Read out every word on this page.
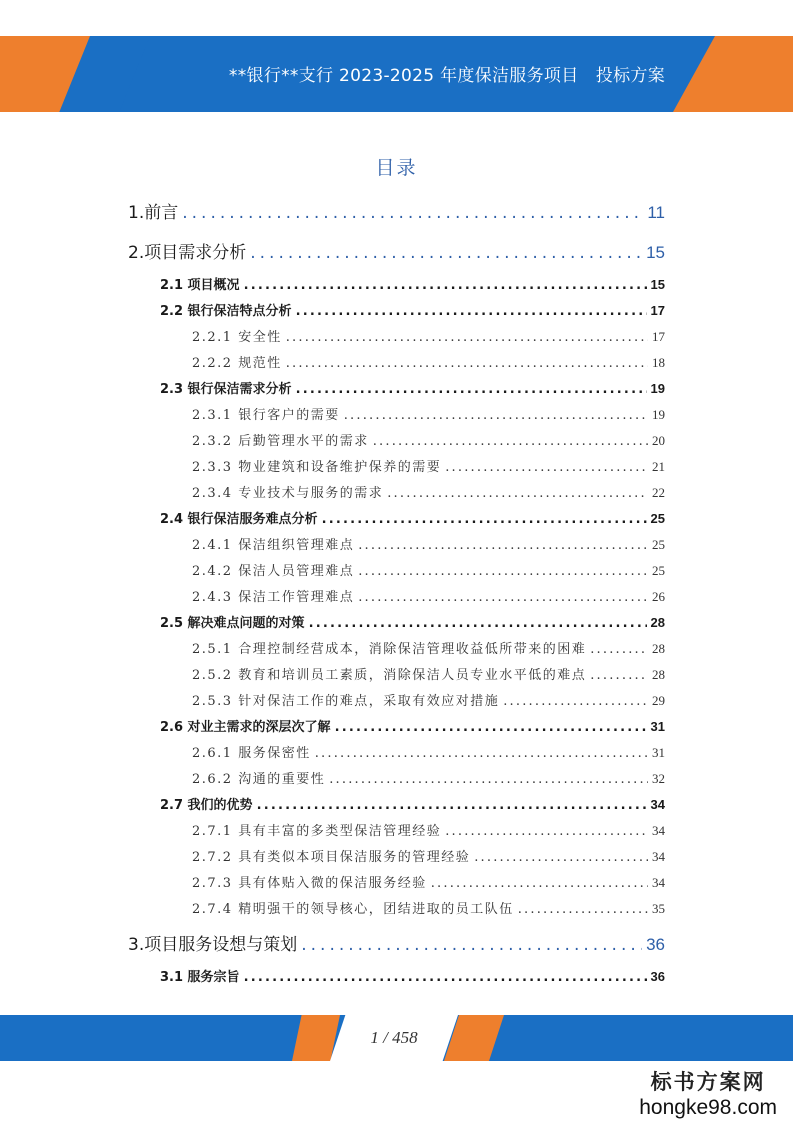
**银行**支行 2023-2025 年度保洁服务项目　投标方案
目录
1.前言 .....	11
2.项目需求分析 .....	15
2.1 项目概况 .....	15
2.2 银行保洁特点分析 .....	17
2.2.1 安全性 .....	17
2.2.2 规范性 .....	18
2.3 银行保洁需求分析 .....	19
2.3.1 银行客户的需要 .....	19
2.3.2 后勤管理水平的需求 .....	20
2.3.3 物业建筑和设备维护保养的需要 .....	21
2.3.4 专业技术与服务的需求 .....	22
2.4 银行保洁服务难点分析 .....	25
2.4.1 保洁组织管理难点 .....	25
2.4.2 保洁人员管理难点 .....	25
2.4.3 保洁工作管理难点 .....	26
2.5 解决难点问题的对策 .....	28
2.5.1 合理控制经营成本，消除保洁管理收益低所带来的困难 .....	28
2.5.2 教育和培训员工素质，消除保洁人员专业水平低的难点 .....	28
2.5.3 针对保洁工作的难点，采取有效应对措施 .....	29
2.6 对业主需求的深层次了解 .....	31
2.6.1 服务保密性 .....	31
2.6.2 沟通的重要性 .....	32
2.7 我们的优势 .....	34
2.7.1 具有丰富的多类型保洁管理经验 .....	34
2.7.2 具有类似本项目保洁服务的管理经验 .....	34
2.7.3 具有体贴入微的保洁服务经验 .....	34
2.7.4 精明强干的领导核心，团结进取的员工队伍 .....	35
3.项目服务设想与策划 .....	36
3.1 服务宗旨 .....	36
1 / 458
标书方案网
hongke98.com
